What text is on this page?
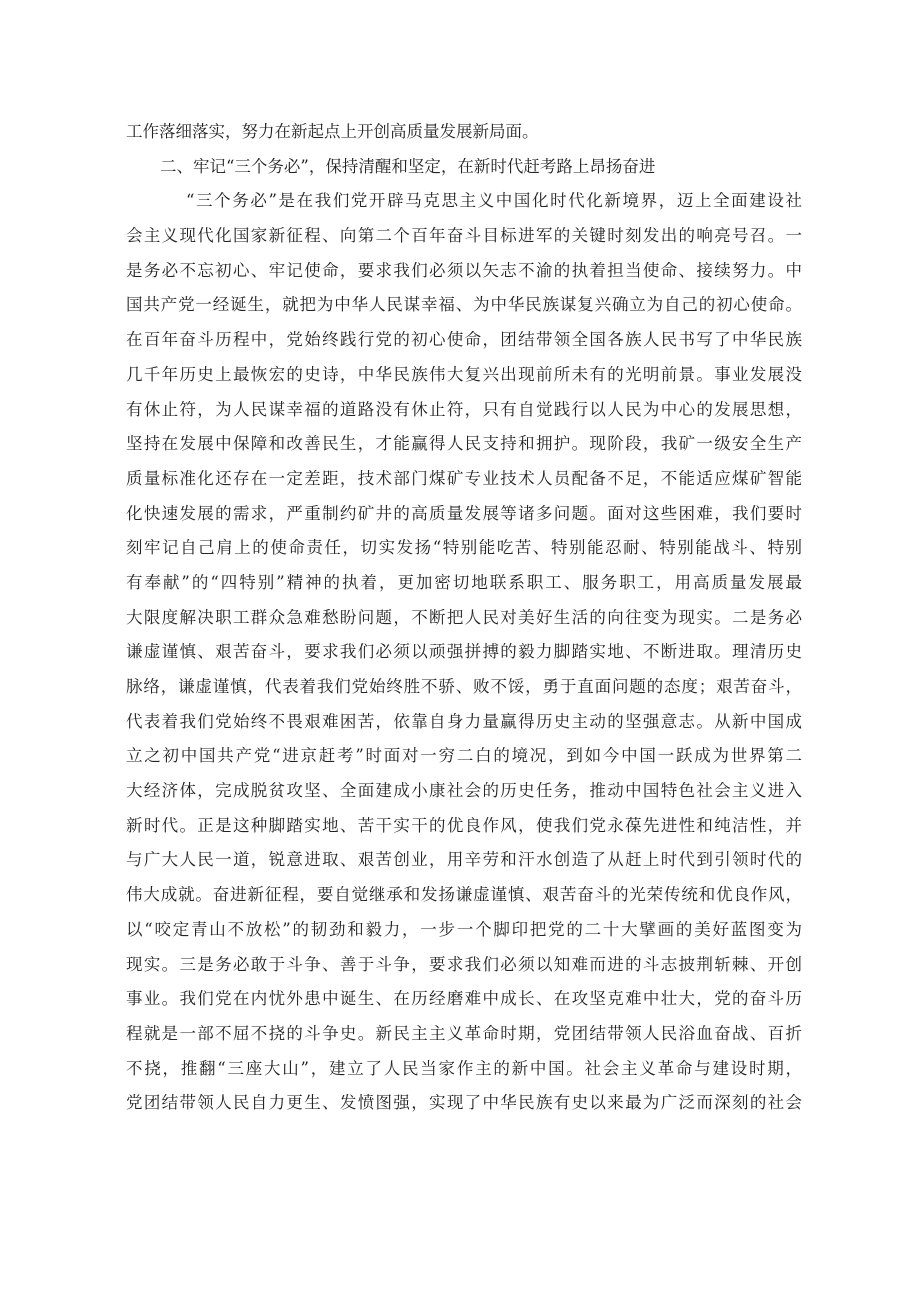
工作落细落实，努力在新起点上开创高质量发展新局面。
二、牢记“三个务必”，保持清醒和坚定，在新时代赶考路上昂扬奋进
“三个务必”是在我们党开辟马克思主义中国化时代化新境界，迈上全面建设社
会主义现代化国家新征程、向第二个百年奋斗目标进军的关键时刻发出的响亮号召。一
是务必不忘初心、牢记使命，要求我们必须以矢志不渝的执着担当使命、接续努力。中
国共产党一经诞生，就把为中华人民谋幸福、为中华民族谋复兴确立为自己的初心使命。
在百年奋斗历程中，党始终践行党的初心使命，团结带领全国各族人民书写了中华民族
几千年历史上最恢宏的史诗，中华民族伟大复兴出现前所未有的光明前景。事业发展没
有休止符，为人民谋幸福的道路没有休止符，只有自觉践行以人民为中心的发展思想，
坚持在发展中保障和改善民生，才能赢得人民支持和拥护。现阶段，我矿一级安全生产
质量标准化还存在一定差距，技术部门煤矿专业技术人员配备不足，不能适应煤矿智能
化快速发展的需求，严重制约矿井的高质量发展等诸多问题。面对这些困难，我们要时
刻牢记自己肩上的使命责任，切实发扬“特别能吃苦、特别能忍耐、特别能战斗、特别
有奉献”的“四特别”精神的执着，更加密切地联系职工、服务职工，用高质量发展最
大限度解决职工群众急难愁盼问题，不断把人民对美好生活的向往变为现实。二是务必
谦虚谨慎、艰苦奋斗，要求我们必须以顽强拼搏的毅力脚踏实地、不断进取。理清历史
脉络，谦虚谨慎，代表着我们党始终胜不骄、败不馁，勇于直面问题的态度；艰苦奋斗，
代表着我们党始终不畏艰难困苦，依靠自身力量赢得历史主动的坚强意志。从新中国成
立之初中国共产党“进京赶考”时面对一穷二白的境况，到如今中国一跃成为世界第二
大经济体，完成脱贫攻坚、全面建成小康社会的历史任务，推动中国特色社会主义进入
新时代。正是这种脚踏实地、苦干实干的优良作风，使我们党永葆先进性和纯洁性，并
与广大人民一道，锐意进取、艰苦创业，用辛劳和汗水创造了从赶上时代到引领时代的
伟大成就。奋进新征程，要自觉继承和发扬谦虚谨慎、艰苦奋斗的光荣传统和优良作风，
以“咬定青山不放松”的韧劲和毅力，一步一个脚印把党的二十大擘画的美好蓝图变为
现实。三是务必敢于斗争、善于斗争，要求我们必须以知难而进的斗志披荆斩棘、开创
事业。我们党在内忧外患中诞生、在历经磨难中成长、在攻坚克难中壮大，党的奋斗历
程就是一部不屈不挠的斗争史。新民主主义革命时期，党团结带领人民浴血奋战、百折
不挠，推翻“三座大山”，建立了人民当家作主的新中国。社会主义革命与建设时期，
党团结带领人民自力更生、发愤图强，实现了中华民族有史以来最为广泛而深刻的社会
